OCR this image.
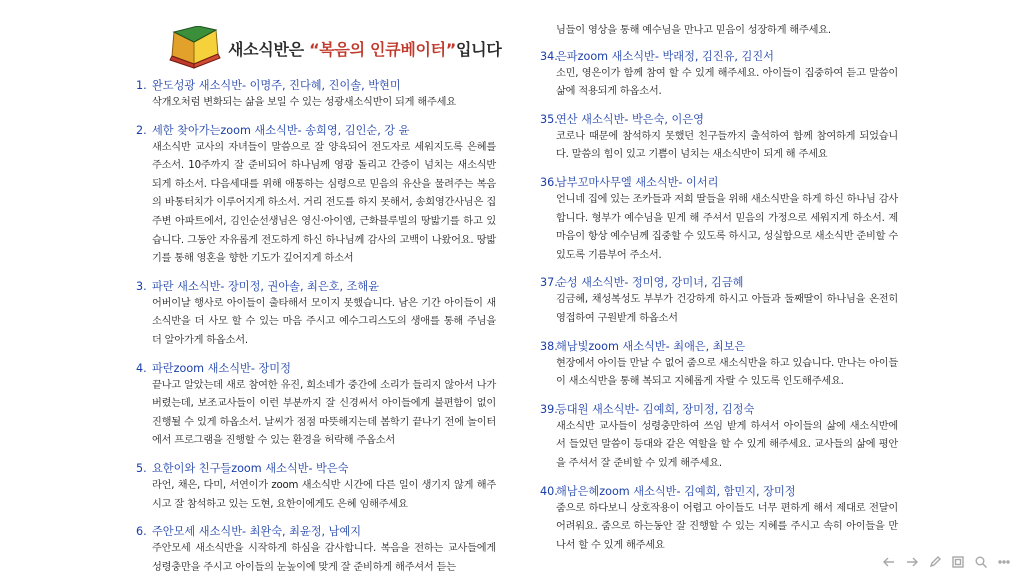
새소식반은 “복음의 인큐베이터”입니다
1. 완도성광 새소식반- 이명주, 진다혜, 진이솔, 박현미
삭개오처럼 변화되는 삶을 보일 수 있는 성광새소식반이 되게 해주세요
2. 세한 찾아가는zoom 새소식반- 송희영, 김인순, 강 윤
새소식반 교사의 자녀들이 말씀으로 잘 양육되어 전도자로 세워지도록 은혜를 주소서. 10주까지 잘 준비되어 하나님께 영광 돌리고 간증이 넘치는 새소식반 되게 하소서. 다음세대를 위해 애통하는 심령으로 믿음의 유산을 물려주는 복음의 바통터치가 이루어지게 하소서. 거리 전도를 하지 못해서, 송희영간사님은 집주변 아파트에서, 김인순선생님은 영신·아이엠, 근화블루빌의 땅밟기를 하고 있습니다. 그동안 자유롭게 전도하게 하신 하나님께 감사의 고백이 나왔어요. 땅밟기를 통해 영혼을 향한 기도가 깊어지게 하소서
3. 파란 새소식반- 장미정, 권아솔, 최은호, 조해윤
어버이날 행사로 아이들이 출타해서 모이지 못했습니다. 남은 기간 아이들이 새소식반을 더 사모 할 수 있는 마음 주시고 예수그리스도의 생애를 통해 주님을 더 알아가게 하옵소서.
4. 파란zoom 새소식반- 장미정
끝나고 알았는데 새로 참여한 유진, 희소네가 중간에 소리가 들리지 않아서 나가버렸는데, 보조교사들이 이런 부분까지 잘 신경써서 아이들에게 불편함이 없이 진행될 수 있게 하옵소서. 날씨가 점점 따뜻해지는데 봄학기 끝나기 전에 놀이터에서 프로그램을 진행할 수 있는 환경을 허락해 주옵소서
5. 요한이와 친구들zoom 새소식반- 박은숙
라언, 채은, 다미, 서연이가 zoom 새소식반 시간에 다른 일이 생기지 않게 해주시고 잘 참석하고 있는 도현, 요한이에게도 은혜 임해주세요
6. 주안모세 새소식반- 최완숙, 최윤정, 남예지
주안모세 새소식반을 시작하게 하심을 감사합니다. 복음을 전하는 교사들에게 성령충만을 주시고 아이들의 눈높이에 맞게 잘 준비하게 해주셔서 듣는
님들이 영상을 통해 예수님을 만나고 믿음이 성장하게 해주세요.
34.
은파zoom 새소식반- 박래정, 김진유, 김진서
소민, 영은이가 함께 참여 할 수 있게 해주세요. 아이들이 집중하여 듣고 말씀이 삶에 적용되게 하옵소서.
35.
연산 새소식반- 박은숙, 이은영
코로나 때문에 참석하지 못했던 친구들까지 출석하여 함께 참여하게 되었습니다. 말씀의 힘이 있고 기쁨이 넘치는 새소식반이 되게 해 주세요
36.
남부꼬마사무엘 새소식반- 이서리
언니네 집에 있는 조카들과 저희 딸들을 위해 새소식반을 하게 하신 하나님 감사합니다. 형부가 예수님을 믿게 해 주셔서 믿음의 가정으로 세워지게 하소서. 제 마음이 항상 예수님께 집중할 수 있도록 하시고, 성실함으로 새소식반 준비할 수 있도록 기름부어 주소서.
37.
순성 새소식반- 정미영, 강미녀, 김금혜
김금혜, 채성복성도 부부가 건강하게 하시고 아들과 둘째딸이 하나님을 온전히 영접하여 구원받게 하옵소서
38.
해남빛zoom 새소식반- 최애은, 최보은
현장에서 아이들 만날 수 없어 줌으로 새소식반을 하고 있습니다. 만나는 아이들이 새소식반을 통해 복되고 지혜롭게 자랄 수 있도록 인도해주세요.
39.
등대원 새소식반- 김예희, 장미정, 김정숙
새소식반 교사들이 성령충만하여 쓰임 받게 하셔서 아이들의 삶에 새소식반에서 들었던 말씀이 등대와 같은 역할을 할 수 있게 해주세요. 교사들의 삶에 평안을 주셔서 잘 준비할 수 있게 해주세요.
40.
해남은혜zoom 새소식반- 김예희, 함민지, 장미정
줌으로 하다보니 상호작용이 어렵고 아이들도 너무 편하게 해서 제대로 전달이 어려워요. 줌으로 하는동안 잘 진행할 수 있는 지혜를 주시고 속히 아이들을 만나서 할 수 있게 해주세요
